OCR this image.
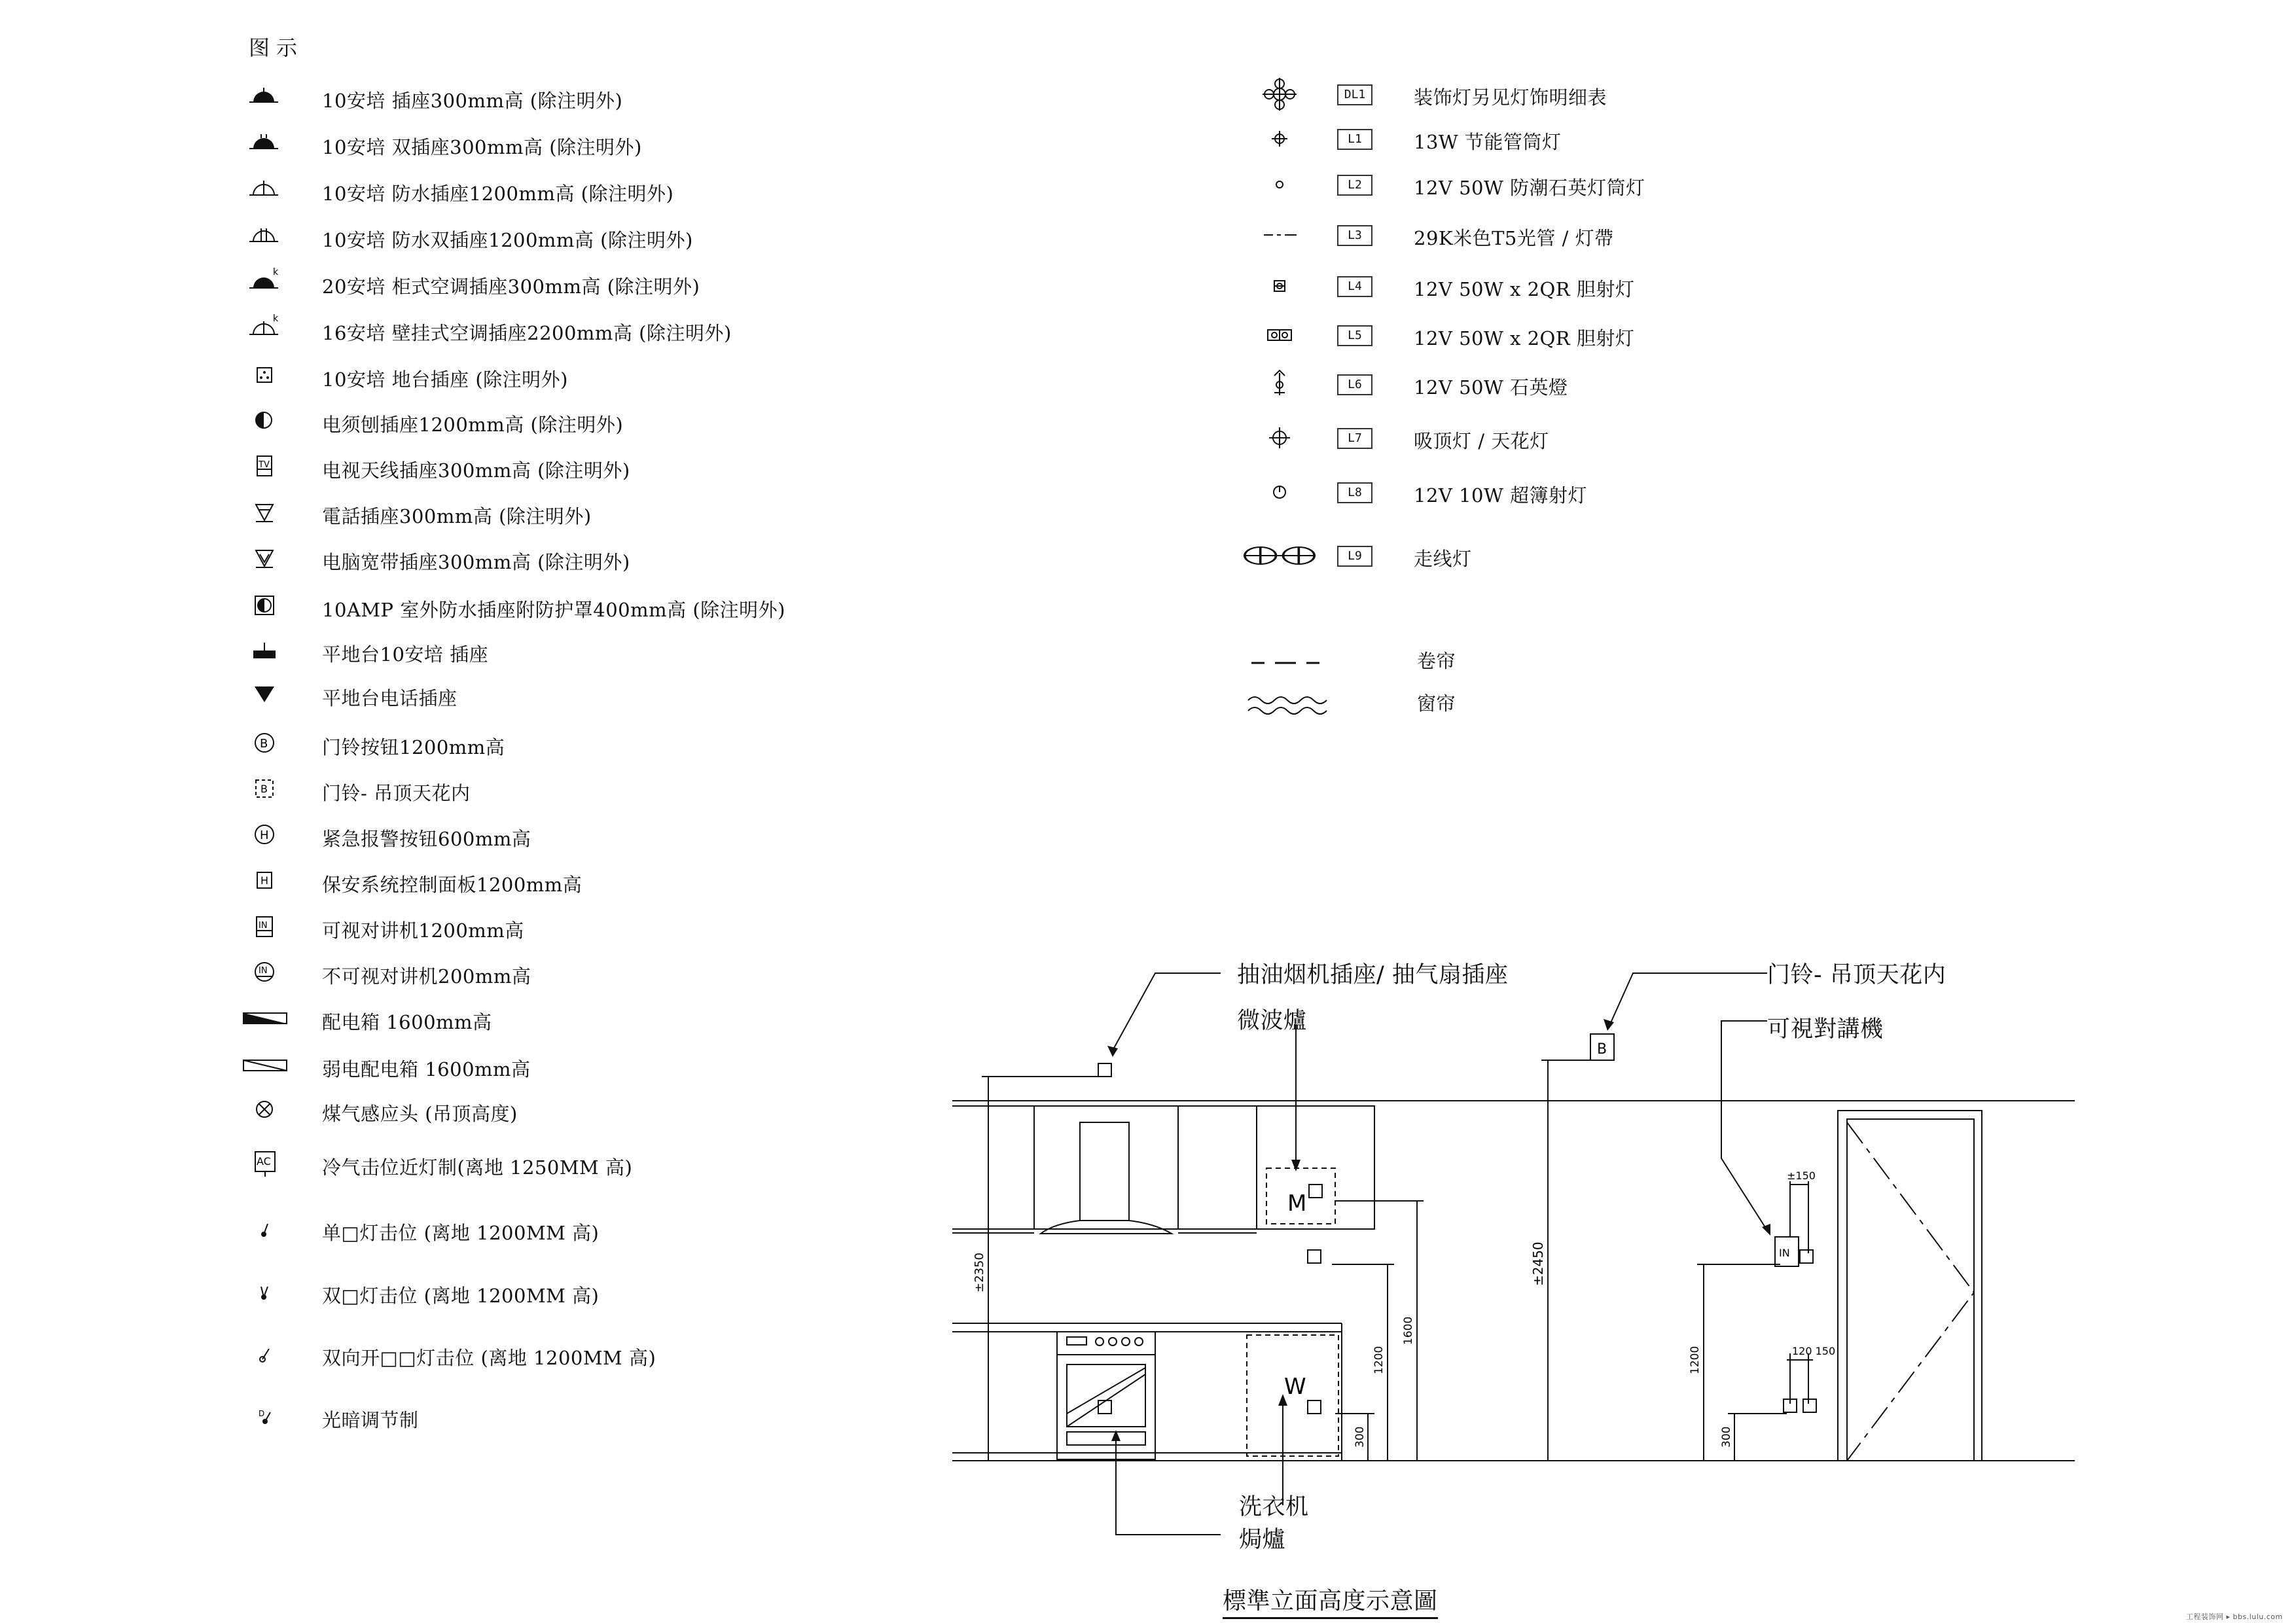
图示
10安培 插座300mm高 (除注明外)
10安培 双插座300mm高 (除注明外)
10安培 防水插座1200mm高 (除注明外)
10安培 防水双插座1200mm高 (除注明外)
k
20安培 柜式空调插座300mm高 (除注明外)
k
16安培 壁挂式空调插座2200mm高 (除注明外)
10安培 地台插座 (除注明外)
电须刨插座1200mm高 (除注明外)
TV	电视天线插座300mm高 (除注明外)
電話插座300mm高 (除注明外)
电脑宽带插座300mm高 (除注明外)
10AMP 室外防水插座附防护罩400mm高 (除注明外)
平地台10安培 插座
平地台电话插座
B	门铃按钮1200mm高
B	门铃- 吊顶天花内
H	紧急报警按钮600mm高
H	保安系统控制面板1200mm高
IN	可视对讲机1200mm高
IN	不可视对讲机200mm高
配电箱 1600mm高
弱电配电箱 1600mm高
煤气感应头 (吊顶高度)
AC	冷气击位近灯制(离地 1250MM 高)
单□灯击位 (离地 1200MM 高)
双□灯击位 (离地 1200MM 高)
双向开□□灯击位 (离地 1200MM 高)
D	光暗调节制
DL1	装饰灯另见灯饰明细表
L1	13W 节能管筒灯
L2	12V 50W 防潮石英灯筒灯
L3	29K米色T5光管 / 灯帶
L4	12V 50W x 2QR 胆射灯
L5	12V 50W x 2QR 胆射灯
L6	12V 50W 石英燈
L7	吸顶灯 / 天花灯
L8	12V 10W 超簿射灯
L9	走线灯
卷帘
窗帘
M
W
IN
B
±2350	±2450
1600
1200
300
1200
300
±150
120 150
抽油烟机插座/ 抽气扇插座
微波爐
门铃- 吊顶天花内
可視對講機
洗衣机
焗爐
標準立面高度示意圖
工程装饰网 ▸ bbs.lulu.com
